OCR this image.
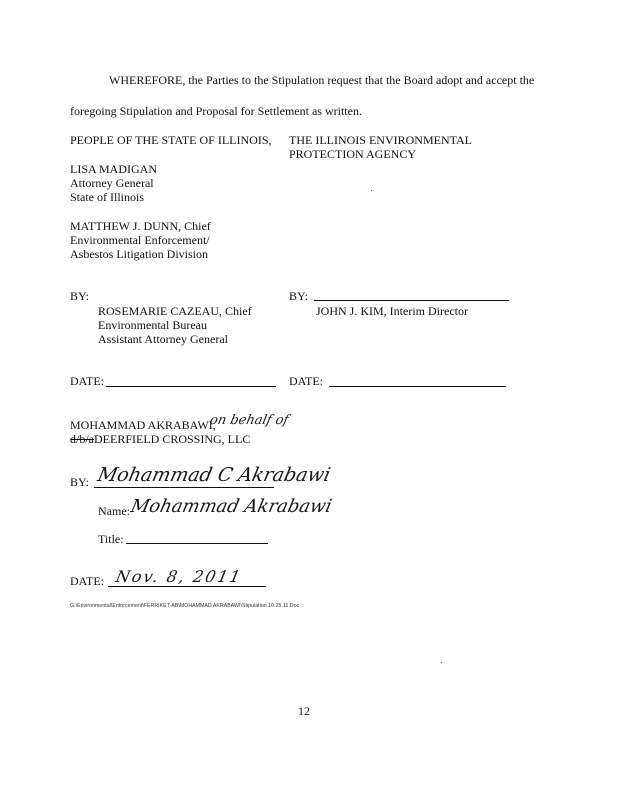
WHEREFORE, the Parties to the Stipulation request that the Board adopt and accept the
foregoing Stipulation and Proposal for Settlement as written.
PEOPLE OF THE STATE OF ILLINOIS,
LISA MADIGAN
Attorney General
State of Illinois
MATTHEW J. DUNN, Chief
Environmental Enforcement/
Asbestos Litigation Division
BY:
ROSEMARIE CAZEAU, Chief
Environmental Bureau
Assistant Attorney General
DATE:
THE ILLINOIS ENVIRONMENTAL
PROTECTION AGENCY
BY:
JOHN J. KIM, Interim Director
DATE:
MOHAMMAD AKRABAWI,
on behalf of
d/b/aDEERFIELD CROSSING, LLC
BY: Mohammad C Akrabawi
Name:
Mohammad Akrabawi
Title:
DATE: Nov. 8, 2011
G:\Environmental\Enforcement\FERRIKET-AB\MOHAMMAD AKRABAWI\Stipulation 10.25.11.Doc
12
